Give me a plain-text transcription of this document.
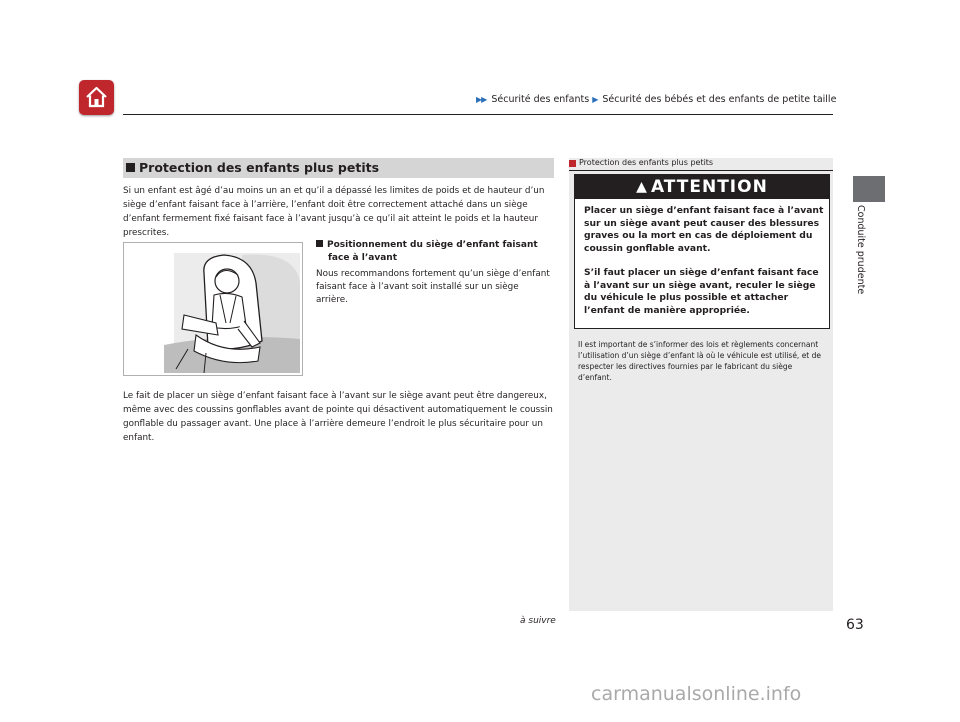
▶▶ Sécurité des enfants ▶ Sécurité des bébés et des enfants de petite taille
Conduite prudente
Protection des enfants plus petits

Si un enfant est âgé d’au moins un an et qu’il a dépassé les limites de poids et de hauteur d’un siège d’enfant faisant face à l’arrière, l’enfant doit être correctement attaché dans un siège d’enfant fermement fixé faisant face à l’avant jusqu’à ce qu’il ait atteint le poids et la hauteur prescrites.

Positionnement du siège d’enfant faisant
face à l’avant

Nous recommandons fortement qu’un siège d’enfant faisant face à l’avant soit installé sur un siège arrière.

Le fait de placer un siège d’enfant faisant face à l’avant sur le siège avant peut être dangereux, même avec des coussins gonflables avant de pointe qui désactivent automatiquement le coussin gonflable du passager avant. Une place à l’arrière demeure l’endroit le plus sécuritaire pour un enfant.

Protection des enfants plus petits
▲ ATTENTION

Placer un siège d’enfant faisant face à l’avant sur un siège avant peut causer des blessures graves ou la mort en cas de déploiement du coussin gonflable avant.

S’il faut placer un siège d’enfant faisant face à l’avant sur un siège avant, reculer le siège du véhicule le plus possible et attacher l’enfant de manière appropriée.

Il est important de s’informer des lois et règlements concernant l’utilisation d’un siège d’enfant là où le véhicule est utilisé, et de respecter les directives fournies par le fabricant du siège d’enfant.

à suivre	63
carmanualsonline.info
